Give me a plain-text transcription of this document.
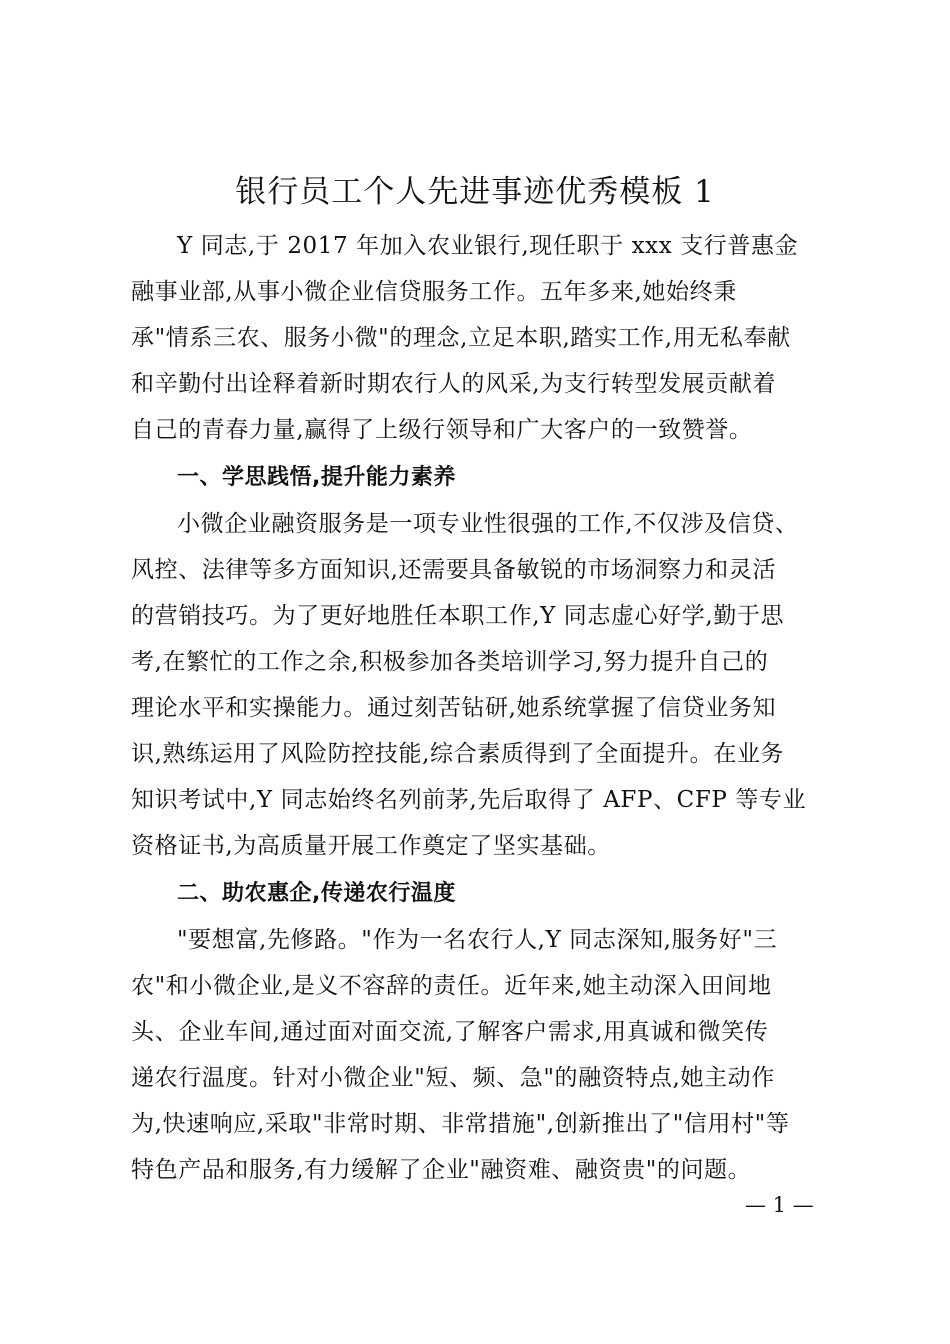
银行员工个人先进事迹优秀模板 1
Y 同志,于 2017 年加入农业银行,现任职于 xxx 支行普惠金
融事业部,从事小微企业信贷服务工作。五年多来,她始终秉
承"情系三农、服务小微"的理念,立足本职,踏实工作,用无私奉献
和辛勤付出诠释着新时期农行人的风采,为支行转型发展贡献着
自己的青春力量,赢得了上级行领导和广大客户的一致赞誉。
一、学思践悟,提升能力素养
小微企业融资服务是一项专业性很强的工作,不仅涉及信贷、
风控、法律等多方面知识,还需要具备敏锐的市场洞察力和灵活
的营销技巧。为了更好地胜任本职工作,Y 同志虚心好学,勤于思
考,在繁忙的工作之余,积极参加各类培训学习,努力提升自己的
理论水平和实操能力。通过刻苦钻研,她系统掌握了信贷业务知
识,熟练运用了风险防控技能,综合素质得到了全面提升。在业务
知识考试中,Y 同志始终名列前茅,先后取得了 AFP、CFP 等专业
资格证书,为高质量开展工作奠定了坚实基础。
二、助农惠企,传递农行温度
"要想富,先修路。"作为一名农行人,Y 同志深知,服务好"三
农"和小微企业,是义不容辞的责任。近年来,她主动深入田间地
头、企业车间,通过面对面交流,了解客户需求,用真诚和微笑传
递农行温度。针对小微企业"短、频、急"的融资特点,她主动作
为,快速响应,采取"非常时期、非常措施",创新推出了"信用村"等
特色产品和服务,有力缓解了企业"融资难、融资贵"的问题。
— 1 —
